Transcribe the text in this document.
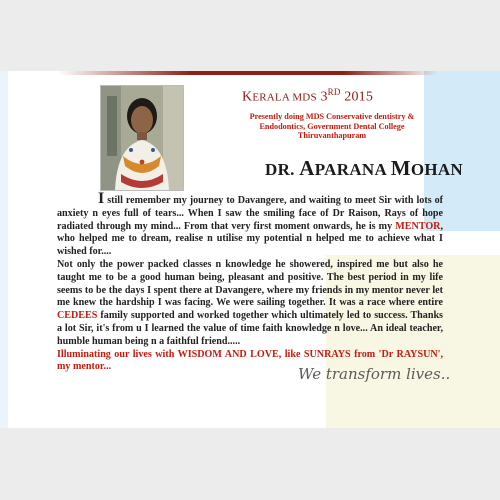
KERALA MDS 3RD 2015
Presently doing MDS Conservative dentistry &
Endodontics, Government Dental College
Thiruvanthapuram
DR. APARANA MOHAN
I still remember my journey to Davangere, and waiting to meet Sir with lots of anxiety n eyes full of tears... When I saw the smiling face of Dr Raison, Rays of hope radiated through my mind... From that very first moment onwards, he is my MENTOR, who helped me to dream, realise n utilise my potential n helped me to achieve what I wished for....
Not only the power packed classes n knowledge he showered, inspired me but also he taught me to be a good human being, pleasant and positive. The best period in my life seems to be the days I spent there at Davangere, where my friends in my mentor never let me knew the hardship I was facing. We were sailing together. It was a race where entire CEDEES family supported and worked together which ultimately led to success. Thanks a lot Sir, it's from u I learned the value of time faith knowledge n love... An ideal teacher, humble human being n a faithful friend.....
Illuminating our lives with WISDOM AND LOVE, like SUNRAYS from 'Dr RAYSUN', my mentor...	We transform lives..
